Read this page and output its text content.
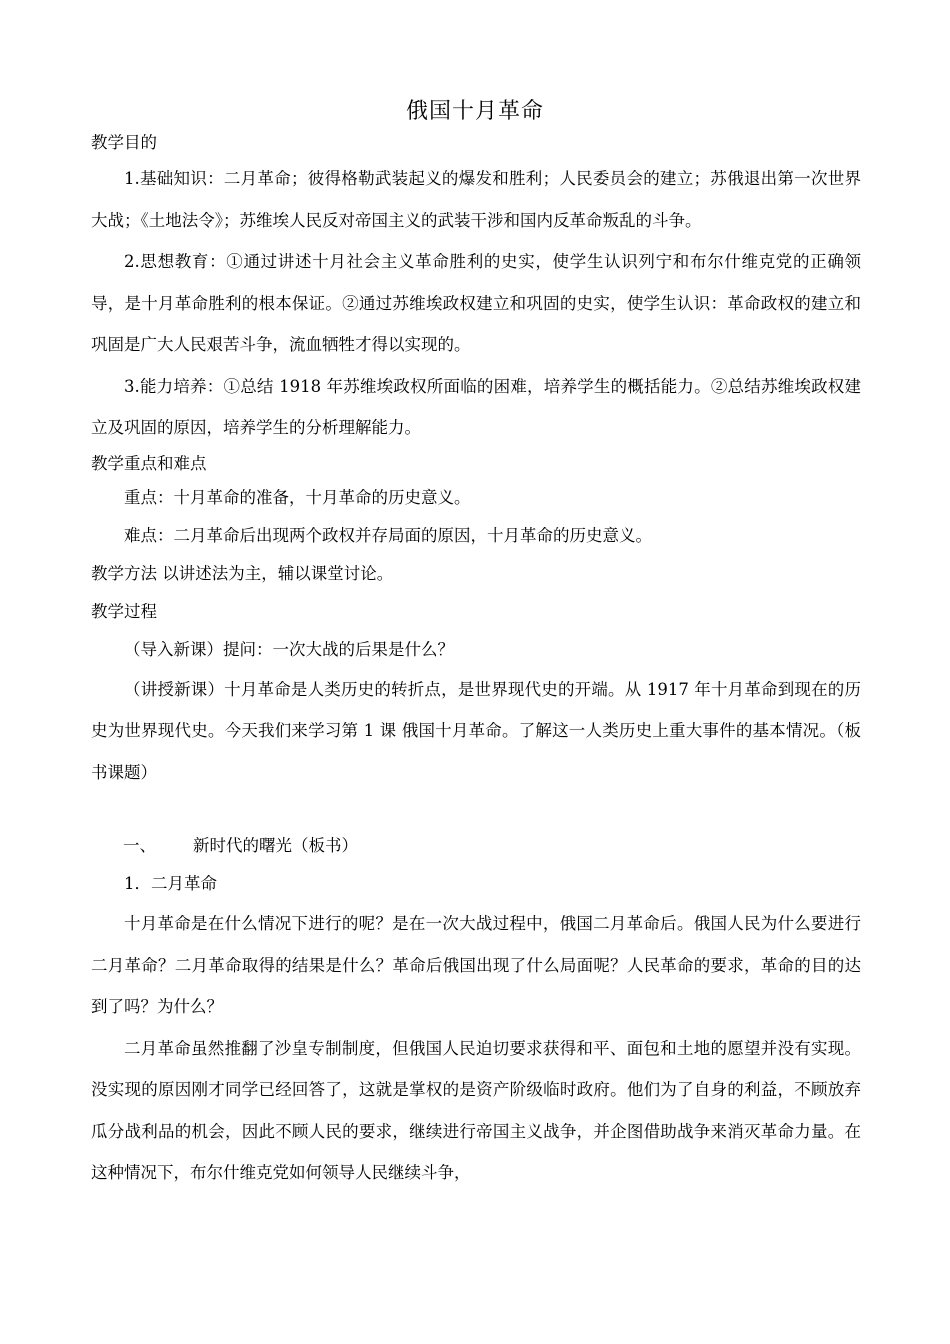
俄国十月革命
教学目的
1.基础知识：二月革命；彼得格勒武装起义的爆发和胜利；人民委员会的建立；苏俄退出第一次世界大战；《土地法令》；苏维埃人民反对帝国主义的武装干涉和国内反革命叛乱的斗争。
2.思想教育：①通过讲述十月社会主义革命胜利的史实，使学生认识列宁和布尔什维克党的正确领导，是十月革命胜利的根本保证。②通过苏维埃政权建立和巩固的史实，使学生认识：革命政权的建立和巩固是广大人民艰苦斗争，流血牺牲才得以实现的。
3.能力培养：①总结 1918 年苏维埃政权所面临的困难，培养学生的概括能力。②总结苏维埃政权建立及巩固的原因，培养学生的分析理解能力。
教学重点和难点
重点：十月革命的准备，十月革命的历史意义。
难点：二月革命后出现两个政权并存局面的原因，十月革命的历史意义。
教学方法 以讲述法为主，辅以课堂讨论。
教学过程
（导入新课）提问：一次大战的后果是什么？
（讲授新课）十月革命是人类历史的转折点，是世界现代史的开端。从 1917 年十月革命到现在的历史为世界现代史。今天我们来学习第 1 课 俄国十月革命。了解这一人类历史上重大事件的基本情况。（板书课题）
一、 新时代的曙光（板书）
1．二月革命
十月革命是在什么情况下进行的呢？是在一次大战过程中，俄国二月革命后。俄国人民为什么要进行二月革命？二月革命取得的结果是什么？革命后俄国出现了什么局面呢？人民革命的要求，革命的目的达到了吗？为什么？
二月革命虽然推翻了沙皇专制制度，但俄国人民迫切要求获得和平、面包和土地的愿望并没有实现。没实现的原因刚才同学已经回答了，这就是掌权的是资产阶级临时政府。他们为了自身的利益，不顾放弃瓜分战利品的机会，因此不顾人民的要求，继续进行帝国主义战争，并企图借助战争来消灭革命力量。在这种情况下，布尔什维克党如何领导人民继续斗争，
